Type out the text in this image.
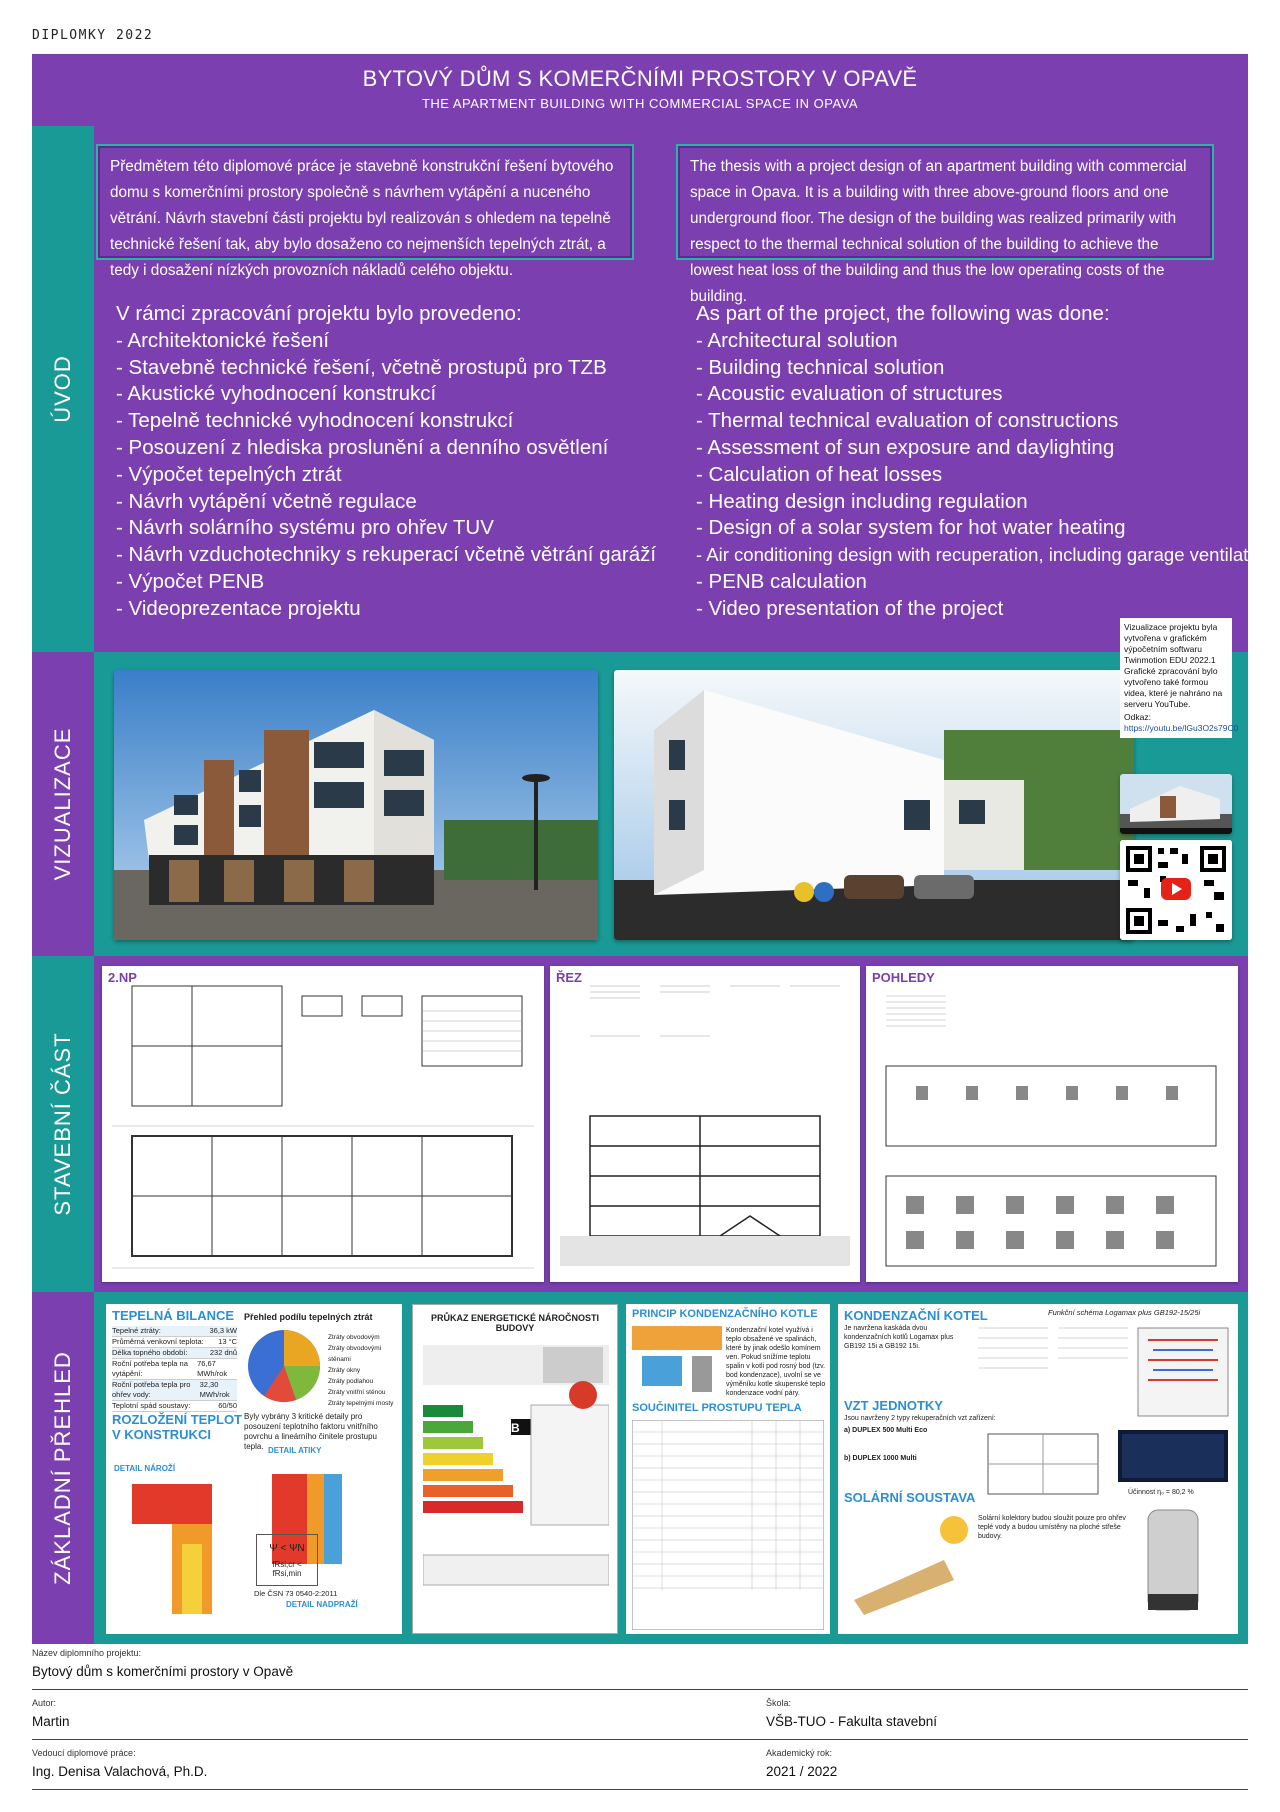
DIPLOMKY 2022
BYTOVÝ DŮM S KOMERČNÍMI PROSTORY V OPAVĚ
THE APARTMENT BUILDING WITH COMMERCIAL SPACE IN OPAVA
ÚVOD
Předmětem této diplomové práce je stavebně konstrukční řešení bytového domu s komerčními prostory společně s návrhem vytápění a nuceného větrání. Návrh stavební části projektu byl realizován s ohledem na tepelně technické řešení tak, aby bylo dosaženo co nejmenších tepelných ztrát, a tedy i dosažení nízkých provozních nákladů celého objektu.
The thesis with a project design of an apartment building with commercial space in Opava. It is a building with three above-ground floors and one underground floor. The design of the building was realized primarily with respect to the thermal technical solution of the building to achieve the lowest heat loss of the building and thus the low operating costs of the building.
V rámci zpracování projektu bylo provedeno:
- Architektonické řešení
- Stavebně technické řešení, včetně prostupů pro TZB
- Akustické vyhodnocení konstrukcí
- Tepelně technické vyhodnocení konstrukcí
- Posouzení z hlediska proslunění a denního osvětlení
- Výpočet tepelných ztrát
- Návrh vytápění včetně regulace
- Návrh solárního systému pro ohřev TUV
- Návrh vzduchotechniky s rekuperací včetně větrání garáží
- Výpočet PENB
- Videoprezentace projektu
As part of the project, the following was done:
- Architectural solution
- Building technical solution
- Acoustic evaluation of structures
- Thermal technical evaluation of constructions
- Assessment of sun exposure and daylighting
- Calculation of heat losses
- Heating design including regulation
- Design of a solar system for hot water heating
- Air conditioning design with recuperation, including garage ventilation
- PENB calculation
- Video presentation of the project
VIZUALIZACE
Vizualizace projektu byla vytvořena v grafickém výpočetním softwaru Twinmotion EDU 2022.1 Grafické zpracování bylo vytvořeno také formou videa, které je nahráno na serveru YouTube.
Odkaz:
https://youtu.be/lGu3O2s79C0
STAVEBNÍ ČÁST
2.NP	ŘEZ	POHLEDY
ZÁKLADNÍ PŘEHLED
TEPELNÁ BILANCE
Tepelné ztráty:	36,3 kW
Průměrná venkovní teplota: 13 °C
Délka topného období:	232 dnů
Roční potřeba tepla na vytápění:
76,67 MWh/rok
Roční potřeba tepla pro ohřev vody:
32,30 MWh/rok
Teplotní spád soustavy:	60/50
Přehled podílu tepelných ztrát
Ztráty obvodovým
Ztráty obvodovými stěnami
Ztráty okny
Ztráty podlahou
Ztráty vnitřní stěnou
Ztráty tepelnými mosty
ROZLOŽENÍ TEPLOT V KONSTRUKCI
Byly vybrány 3 kritické detaily pro posouzení teplotního faktoru vnitřního povrchu a lineárního činitele prostupu tepla.
DETAIL NÁROŽÍ
DETAIL ATIKY
DETAIL NADPRAŽÍ
Ψ < ΨN
fRsi,cr < fRsi,min
Dle ČSN 73 0540-2:2011
PRŮKAZ ENERGETICKÉ NÁROČNOSTI BUDOVY
B
PRINCIP KONDENZAČNÍHO KOTLE
Kondenzační kotel využívá i teplo obsažené ve spalinách, které by jinak odešlo komínem ven. Pokud snížíme teplotu spalin v kotli pod rosný bod (tzv. bod kondenzace), uvolní se ve výměníku kotle skupenské teplo kondenzace vodní páry.
SOUČINITEL PROSTUPU TEPLA
KONDENZAČNÍ KOTEL
Je navržena kaskáda dvou kondenzačních kotlů Logamax plus GB192 15i a GB192 15i.
Funkční schéma Logamax plus GB192-15/25i
VZT JEDNOTKY
Jsou navrženy 2 typy rekuperačních vzt zařízení:
a) DUPLEX 500 Multi Eco
b) DUPLEX 1000 Multi
Účinnost η₀ = 80,2 %
SOLÁRNÍ SOUSTAVA
Solární kolektory budou sloužit pouze pro ohřev teplé vody a budou umístěny na ploché střeše budovy.
Název diplomního projektu:
Bytový dům s komerčními prostory v Opavě
Autor:
Martin
Škola:
VŠB-TUO - Fakulta stavební
Vedoucí diplomové práce:
Ing. Denisa Valachová, Ph.D.
Akademický rok:
2021 / 2022
